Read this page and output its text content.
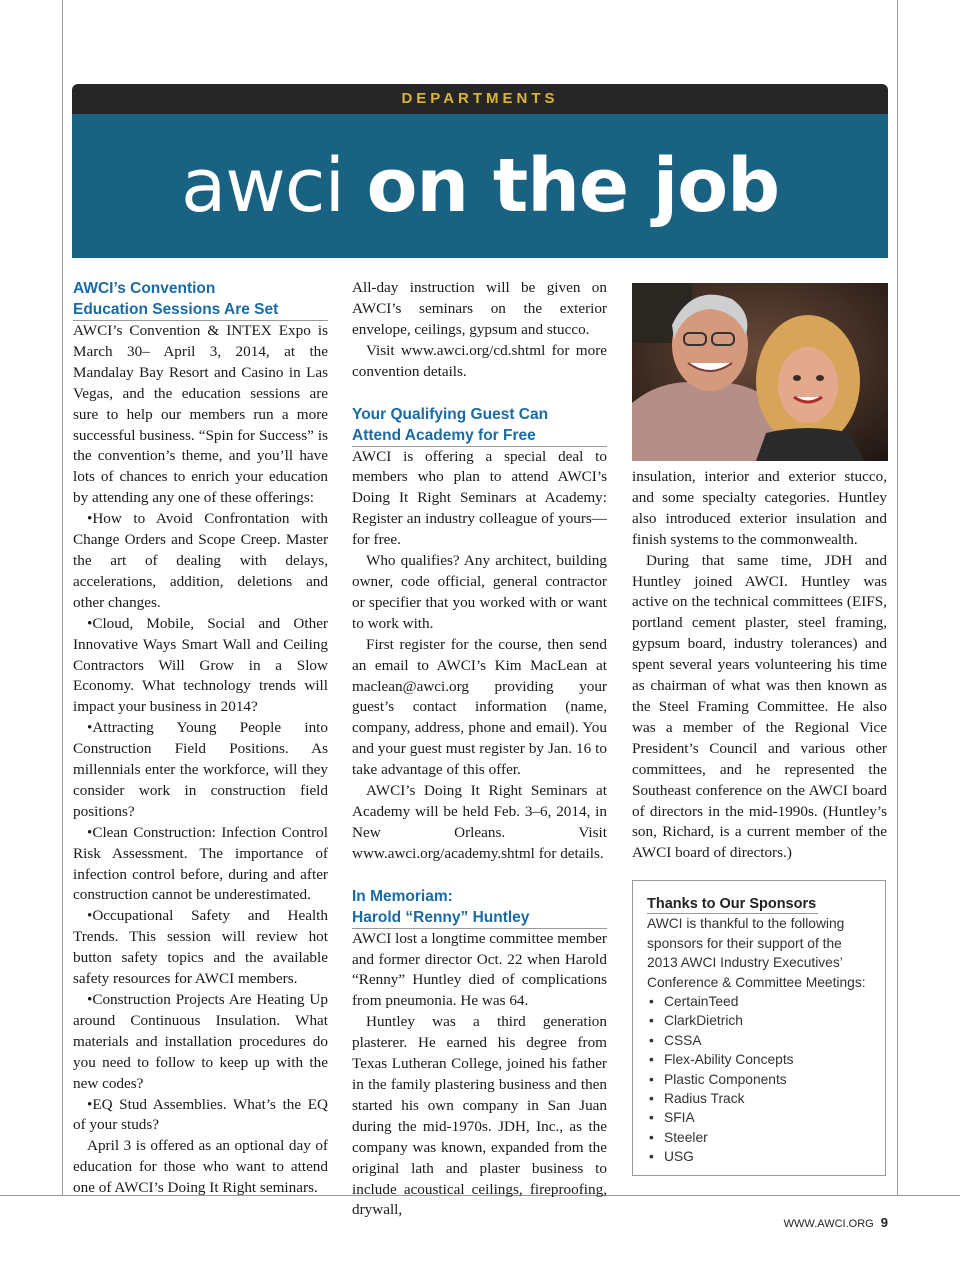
DEPARTMENTS
awci on the job
AWCI’s Convention

Education Sessions Are Set

AWCI’s Convention & INTEX Expo is March 30– April 3, 2014, at the Mandalay Bay Resort and Casino in Las Vegas, and the education sessions are sure to help our members run a more successful business. “Spin for Success” is the convention’s theme, and you’ll have lots of chances to enrich your education by attending any one of these offerings:

•How to Avoid Confrontation with Change Orders and Scope Creep. Master the art of dealing with delays, accelerations, addition, deletions and other changes.

•Cloud, Mobile, Social and Other Innovative Ways Smart Wall and Ceiling Contractors Will Grow in a Slow Economy. What technology trends will impact your business in 2014?

•Attracting Young People into Construction Field Positions. As millennials enter the workforce, will they consider work in construction field positions?

•Clean Construction: Infection Control Risk Assessment. The importance of infection control before, during and after construction cannot be underestimated.

•Occupational Safety and Health Trends. This session will review hot button safety topics and the available safety resources for AWCI members.

•Construction Projects Are Heating Up around Continuous Insulation. What materials and installation procedures do you need to follow to keep up with the new codes?

•EQ Stud Assemblies. What’s the EQ of your studs?

April 3 is offered as an optional day of education for those who want to attend one of AWCI’s Doing It Right seminars.

All-day instruction will be given on AWCI’s seminars on the exterior envelope, ceilings, gypsum and stucco.

Visit www.awci.org/cd.shtml for more convention details.

Your Qualifying Guest Can

Attend Academy for Free

AWCI is offering a special deal to members who plan to attend AWCI’s Doing It Right Seminars at Academy: Register an industry colleague of yours—for free.

Who qualifies? Any architect, building owner, code official, general contractor or specifier that you worked with or want to work with.

First register for the course, then send an email to AWCI’s Kim MacLean at maclean@awci.org providing your guest’s contact information (name, company, address, phone and email). You and your guest must register by Jan. 16 to take advantage of this offer.

AWCI’s Doing It Right Seminars at Academy will be held Feb. 3–6, 2014, in New Orleans. Visit www.awci.org/academy.shtml for details.

In Memoriam:

Harold “Renny” Huntley

AWCI lost a longtime committee member and former director Oct. 22 when Harold “Renny” Huntley died of complications from pneumonia. He was 64.

Huntley was a third generation plasterer. He earned his degree from Texas Lutheran College, joined his father in the family plastering business and then started his own company in San Juan during the mid-1970s. JDH, Inc., as the company was known, expanded from the original lath and plaster business to include acoustical ceilings, fireproofing, drywall,

insulation, interior and exterior stucco, and some specialty categories. Huntley also introduced exterior insulation and finish systems to the commonwealth.

During that same time, JDH and Huntley joined AWCI. Huntley was active on the technical committees (EIFS, portland cement plaster, steel framing, gypsum board, industry tolerances) and spent several years volunteering his time as chairman of what was then known as the Steel Framing Committee. He also was a member of the Regional Vice President’s Council and various other committees, and he represented the Southeast conference on the AWCI board of directors in the mid-1990s. (Huntley’s son, Richard, is a current member of the AWCI board of directors.)

Thanks to Our Sponsors

AWCI is thankful to the following sponsors for their support of the 2013 AWCI Industry Executives’ Conference & Committee Meetings:

• CertainTeed
• ClarkDietrich
• CSSA
• Flex-Ability Concepts
• Plastic Components
• Radius Track
• SFIA
• Steeler
• USG
WWW.AWCI.ORG 9
